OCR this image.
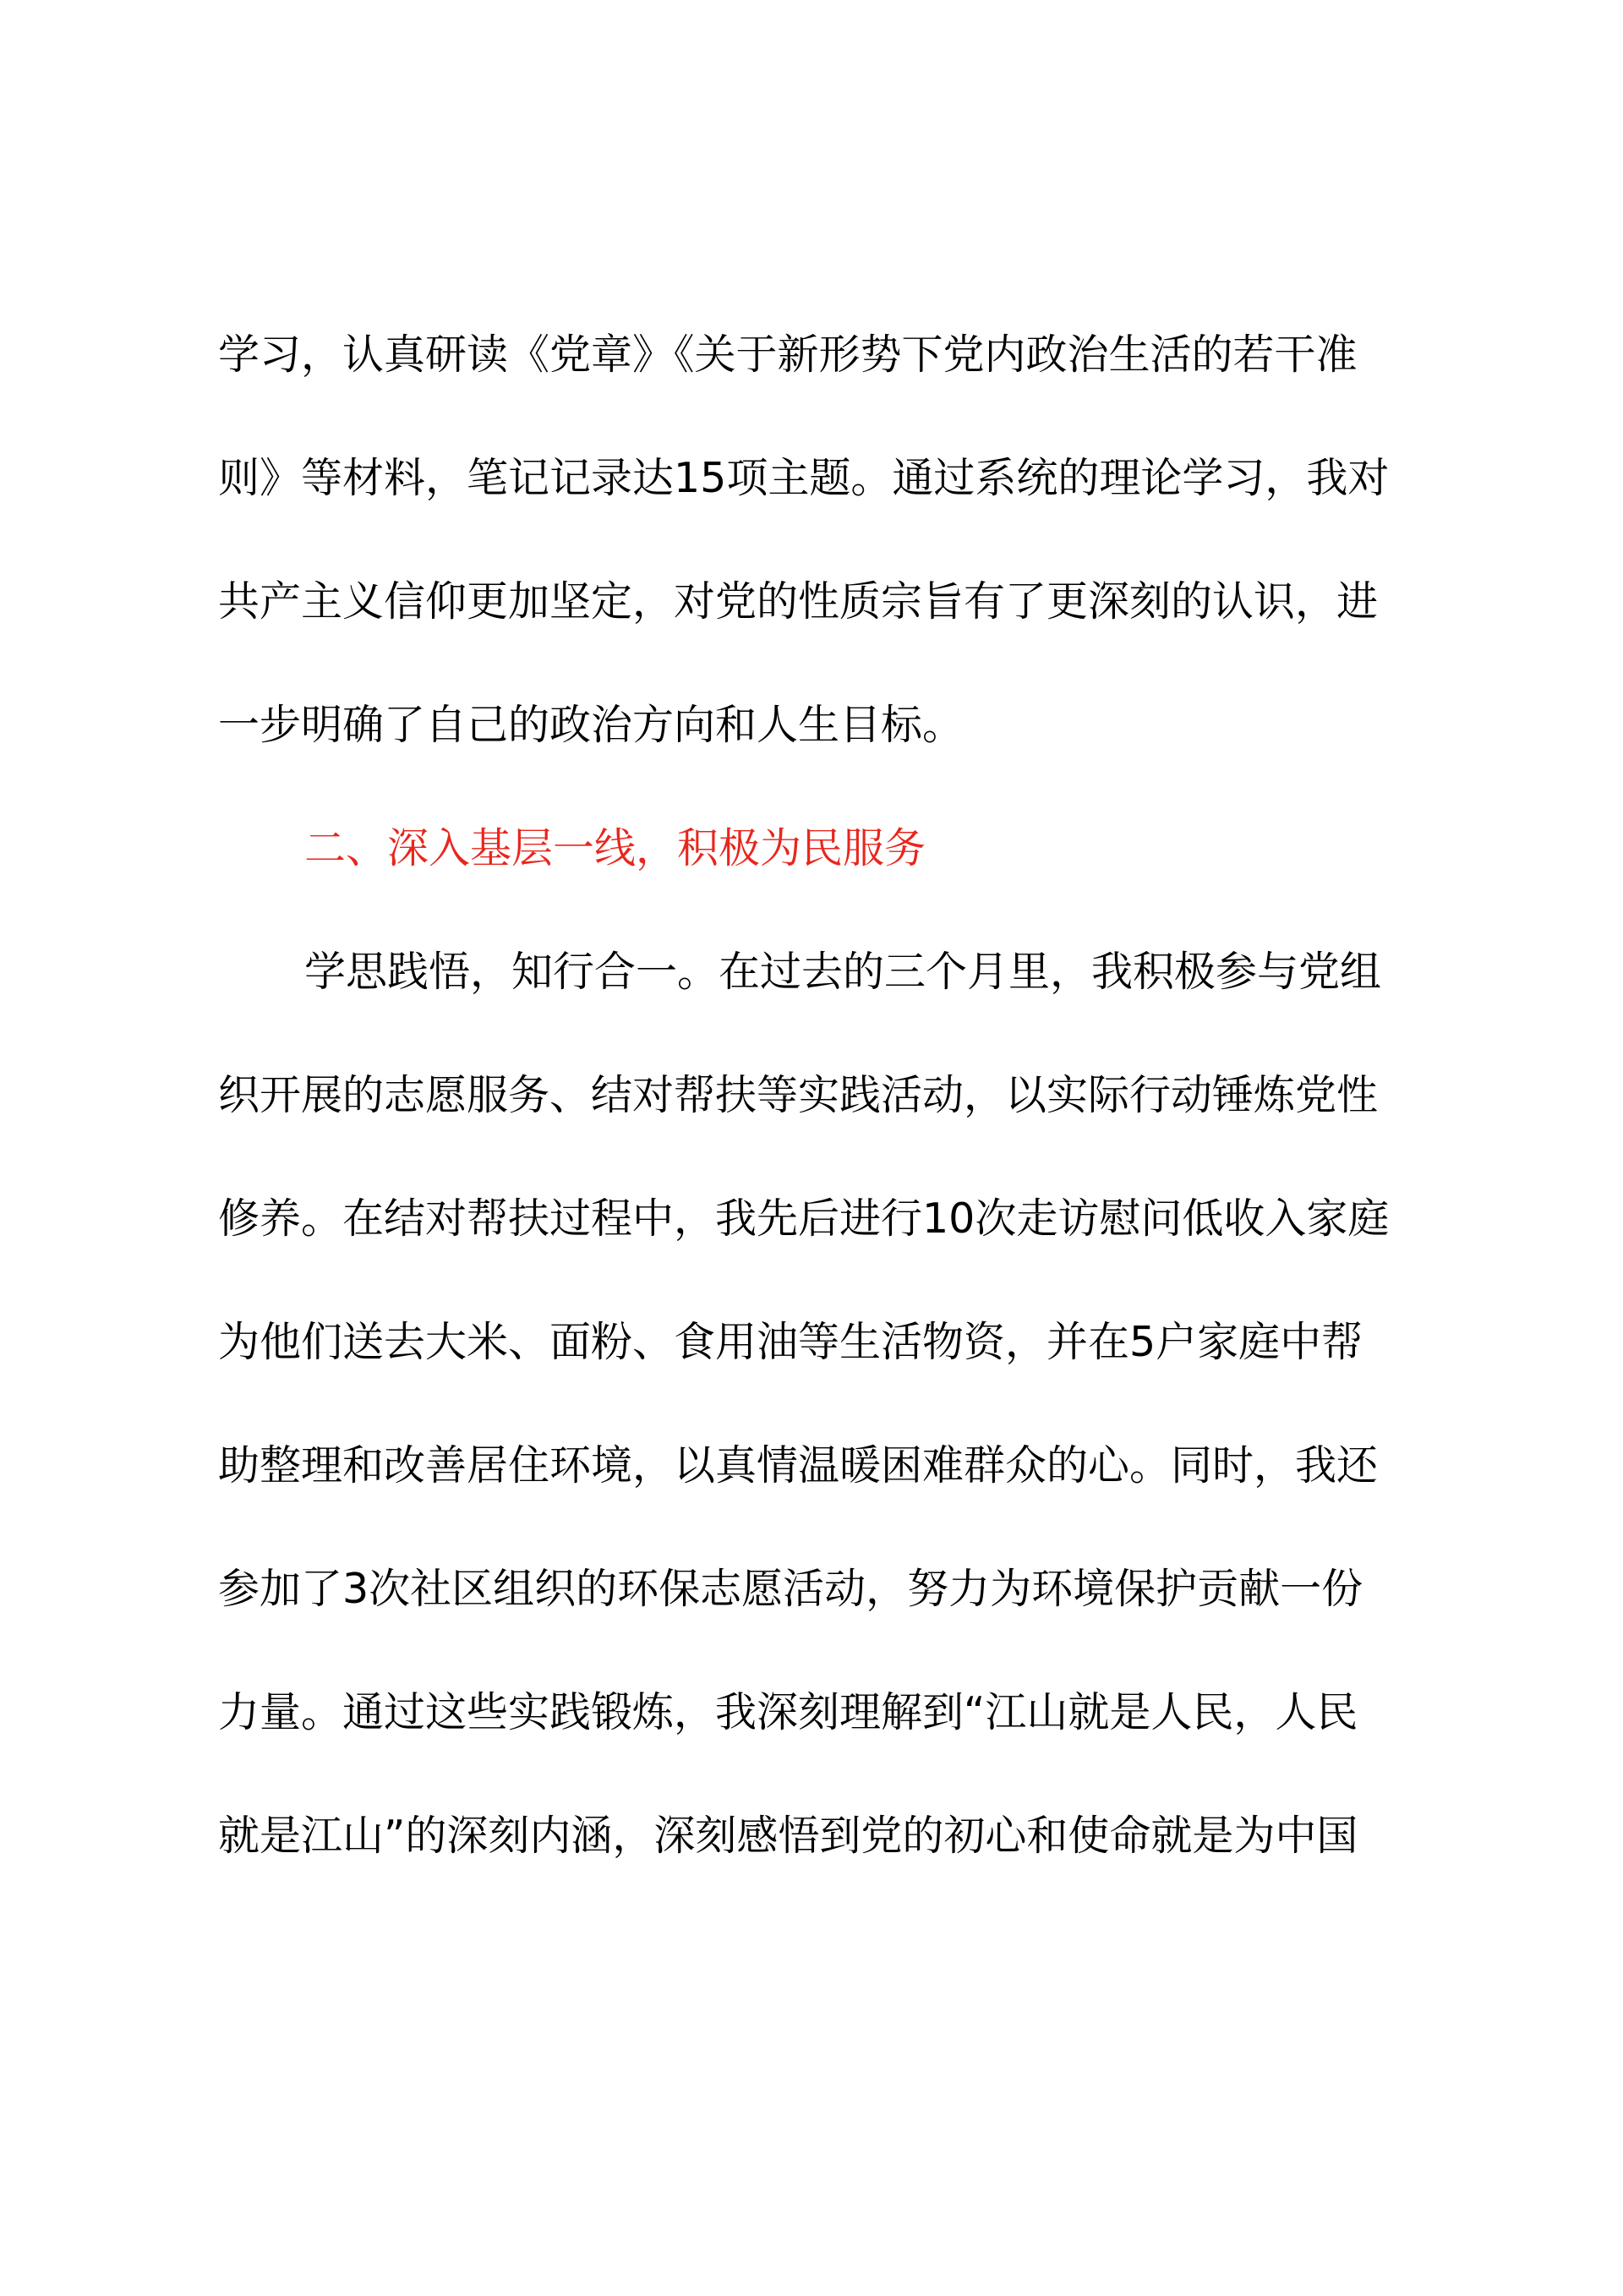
学习，认真研读《党章》《关于新形势下党内政治生活的若干准
则》等材料，笔记记录达15项主题。通过系统的理论学习，我对
共产主义信仰更加坚定，对党的性质宗旨有了更深刻的认识，进
一步明确了自己的政治方向和人生目标。
二、深入基层一线，积极为民服务
学思践悟，知行合一。在过去的三个月里，我积极参与党组
织开展的志愿服务、结对帮扶等实践活动，以实际行动锤炼党性
修养。在结对帮扶过程中，我先后进行10次走访慰问低收入家庭
为他们送去大米、面粉、食用油等生活物资，并在5户家庭中帮
助整理和改善居住环境，以真情温暖困难群众的心。同时，我还
参加了3次社区组织的环保志愿活动，努力为环境保护贡献一份
力量。通过这些实践锻炼，我深刻理解到“江山就是人民，人民
就是江山”的深刻内涵，深刻感悟到党的初心和使命就是为中国
